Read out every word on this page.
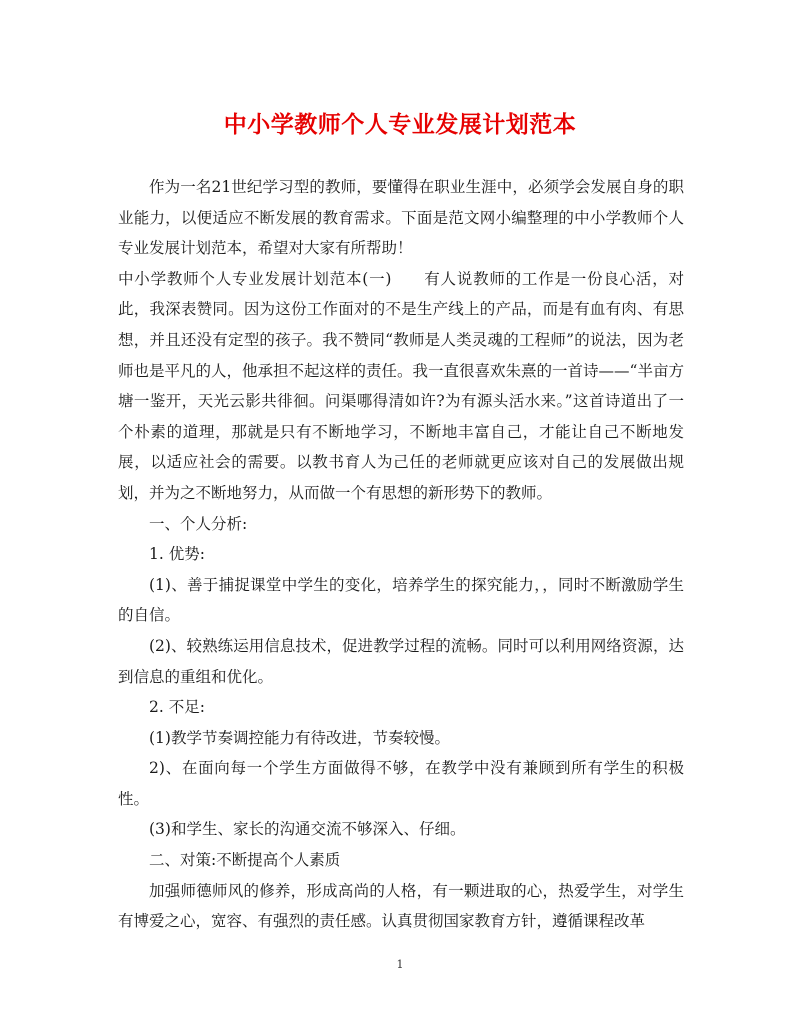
中小学教师个人专业发展计划范本

作为一名21世纪学习型的教师，要懂得在职业生涯中，必须学会发展自身的职业能力，以便适应不断发展的教育需求。下面是范文网小编整理的中小学教师个人专业发展计划范本，希望对大家有所帮助！

中小学教师个人专业发展计划范本(一) 有人说教师的工作是一份良心活，对此，我深表赞同。因为这份工作面对的不是生产线上的产品，而是有血有肉、有思想，并且还没有定型的孩子。我不赞同“教师是人类灵魂的工程师”的说法，因为老师也是平凡的人，他承担不起这样的责任。我一直很喜欢朱熹的一首诗——“半亩方塘一鉴开，天光云影共徘徊。问渠哪得清如许?为有源头活水来。”这首诗道出了一个朴素的道理，那就是只有不断地学习，不断地丰富自己，才能让自己不断地发展，以适应社会的需要。以教书育人为己任的老师就更应该对自己的发展做出规划，并为之不断地努力，从而做一个有思想的新形势下的教师。

一、个人分析:

1. 优势:

(1)、善于捕捉课堂中学生的变化，培养学生的探究能力，，同时不断激励学生的自信。

(2)、较熟练运用信息技术，促进教学过程的流畅。同时可以利用网络资源，达到信息的重组和优化。

2. 不足:

(1)教学节奏调控能力有待改进，节奏较慢。

2)、在面向每一个学生方面做得不够，在教学中没有兼顾到所有学生的积极性。

(3)和学生、家长的沟通交流不够深入、仔细。

二、对策:不断提高个人素质

加强师德师风的修养，形成高尚的人格，有一颗进取的心，热爱学生，对学生有博爱之心，宽容、有强烈的责任感。认真贯彻国家教育方针，遵循课程改革

1
